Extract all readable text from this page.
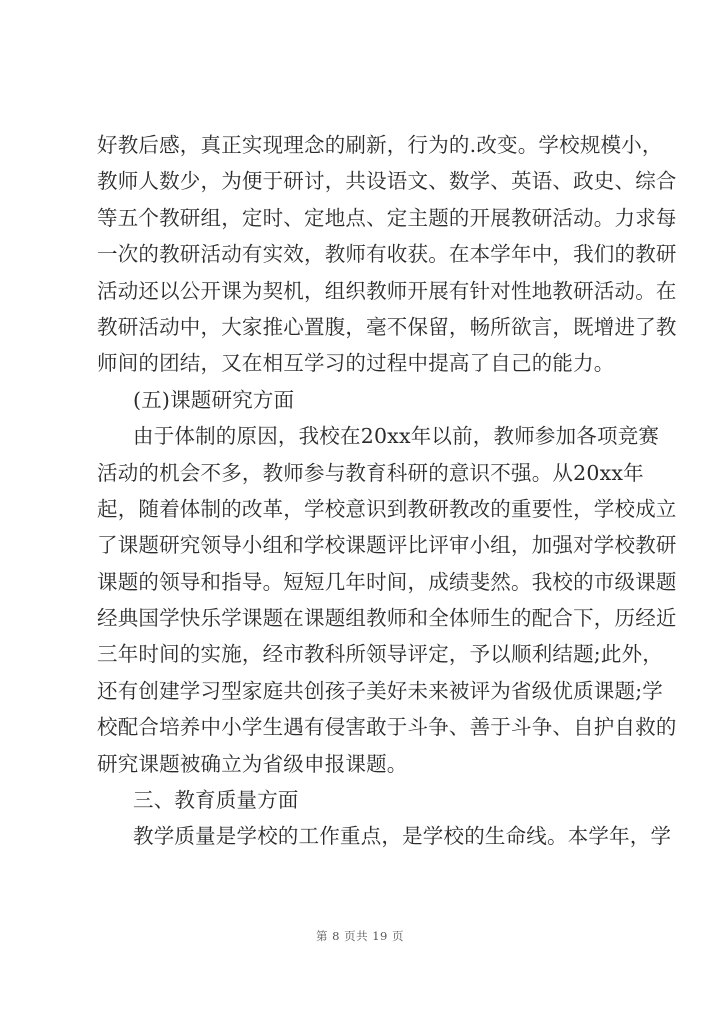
好教后感，真正实现理念的刷新，行为的.改变。学校规模小，
教师人数少，为便于研讨，共设语文、数学、英语、政史、综合
等五个教研组，定时、定地点、定主题的开展教研活动。力求每
一次的教研活动有实效，教师有收获。在本学年中，我们的教研
活动还以公开课为契机，组织教师开展有针对性地教研活动。在
教研活动中，大家推心置腹，毫不保留，畅所欲言，既增进了教
师间的团结，又在相互学习的过程中提高了自己的能力。
(五)课题研究方面
由于体制的原因，我校在20xx年以前，教师参加各项竞赛
活动的机会不多，教师参与教育科研的意识不强。从20xx年
起，随着体制的改革，学校意识到教研教改的重要性，学校成立
了课题研究领导小组和学校课题评比评审小组，加强对学校教研
课题的领导和指导。短短几年时间，成绩斐然。我校的市级课题
经典国学快乐学课题在课题组教师和全体师生的配合下，历经近
三年时间的实施，经市教科所领导评定，予以顺利结题;此外，
还有创建学习型家庭共创孩子美好未来被评为省级优质课题;学
校配合培养中小学生遇有侵害敢于斗争、善于斗争、自护自救的
研究课题被确立为省级申报课题。
三、教育质量方面
教学质量是学校的工作重点，是学校的生命线。本学年，学
第 8 页共 19 页
